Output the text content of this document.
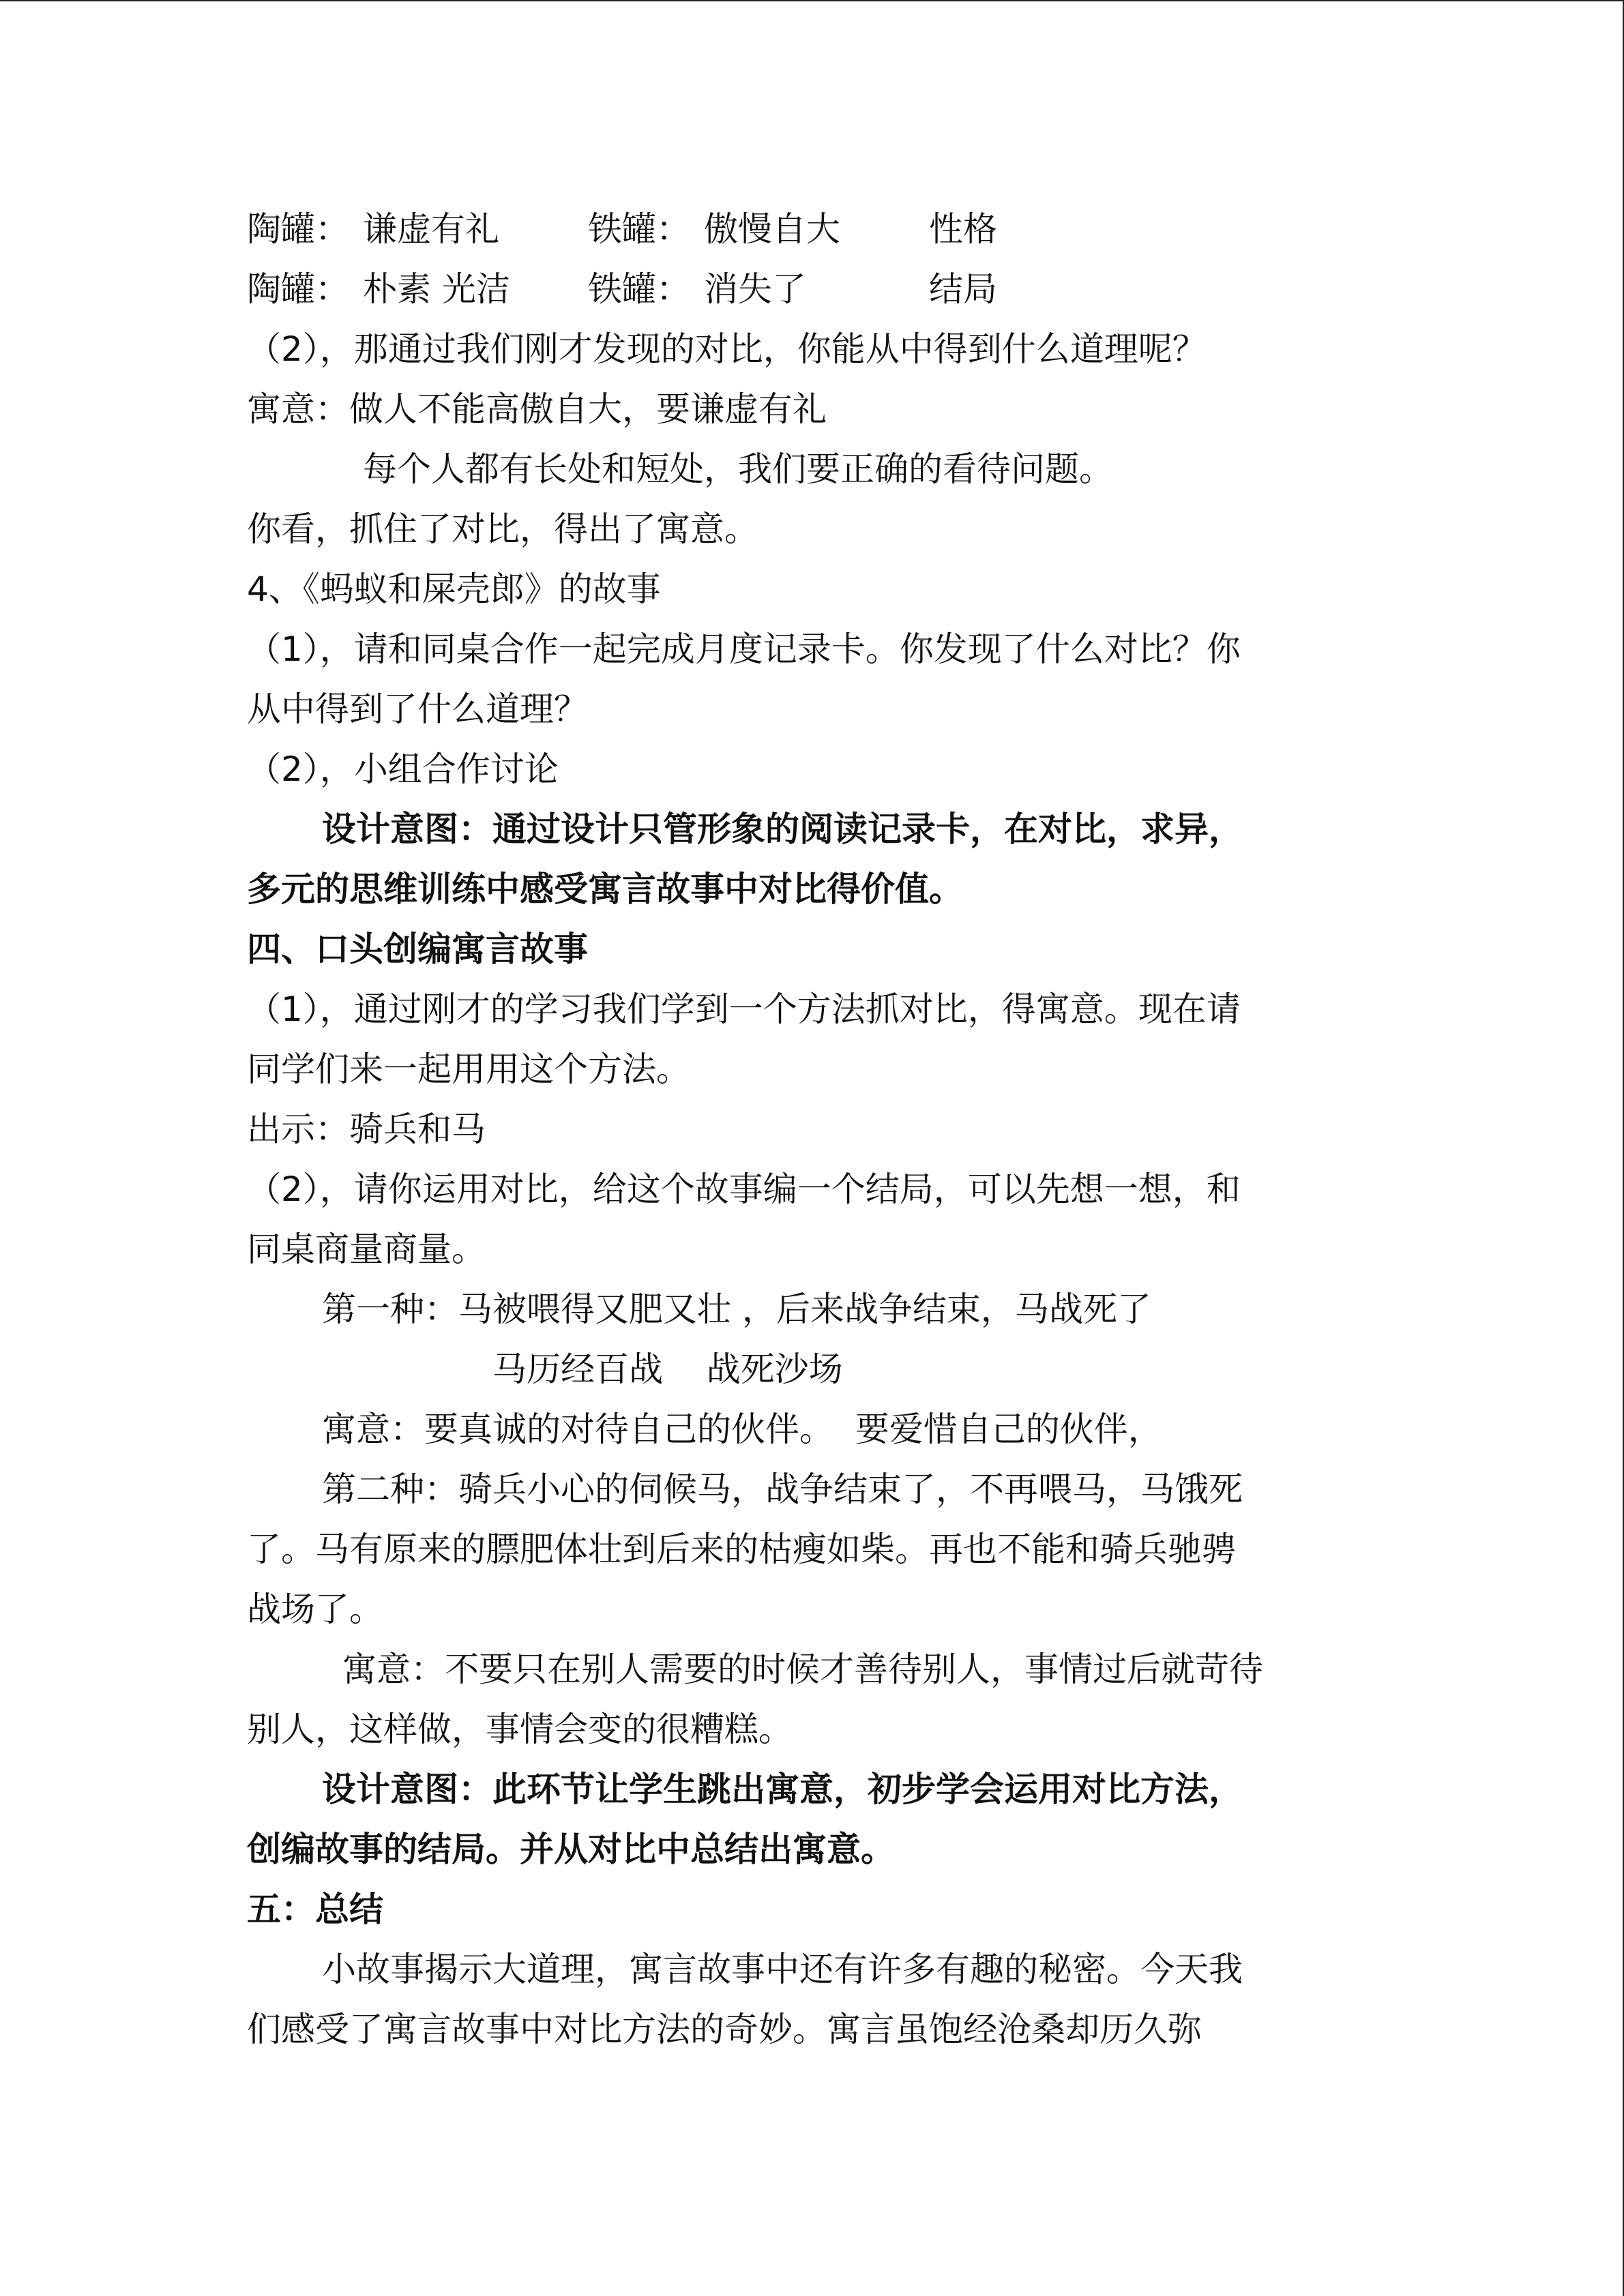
陶罐： 谦虚有礼	铁罐： 傲慢自大	性格
陶罐： 朴素 光洁 铁罐： 消失了	结局
（2），那通过我们刚才发现的对比，你能从中得到什么道理呢？
寓意：做人不能高傲自大，要谦虚有礼
每个人都有长处和短处，我们要正确的看待问题。
你看，抓住了对比，得出了寓意。
4、《蚂蚁和屎壳郎》的故事
（1），请和同桌合作一起完成月度记录卡。你发现了什么对比？你
从中得到了什么道理？
（2），小组合作讨论
设计意图：通过设计只管形象的阅读记录卡，在对比，求异，
多元的思维训练中感受寓言故事中对比得价值。
四、口头创编寓言故事
（1），通过刚才的学习我们学到一个方法抓对比，得寓意。现在请
同学们来一起用用这个方法。
出示：骑兵和马
（2），请你运用对比，给这个故事编一个结局，可以先想一想，和
同桌商量商量。
第一种：马被喂得又肥又壮 ，后来战争结束，马战死了
马历经百战    战死沙场
寓意：要真诚的对待自己的伙伴。  要爱惜自己的伙伴，
第二种：骑兵小心的伺候马，战争结束了，不再喂马，马饿死
了。马有原来的膘肥体壮到后来的枯瘦如柴。再也不能和骑兵驰骋
战场了。
寓意：不要只在别人需要的时候才善待别人，事情过后就苛待
别人，这样做，事情会变的很糟糕。
设计意图：此环节让学生跳出寓意，初步学会运用对比方法，
创编故事的结局。并从对比中总结出寓意。
五：总结
小故事揭示大道理，寓言故事中还有许多有趣的秘密。今天我
们感受了寓言故事中对比方法的奇妙。寓言虽饱经沧桑却历久弥
